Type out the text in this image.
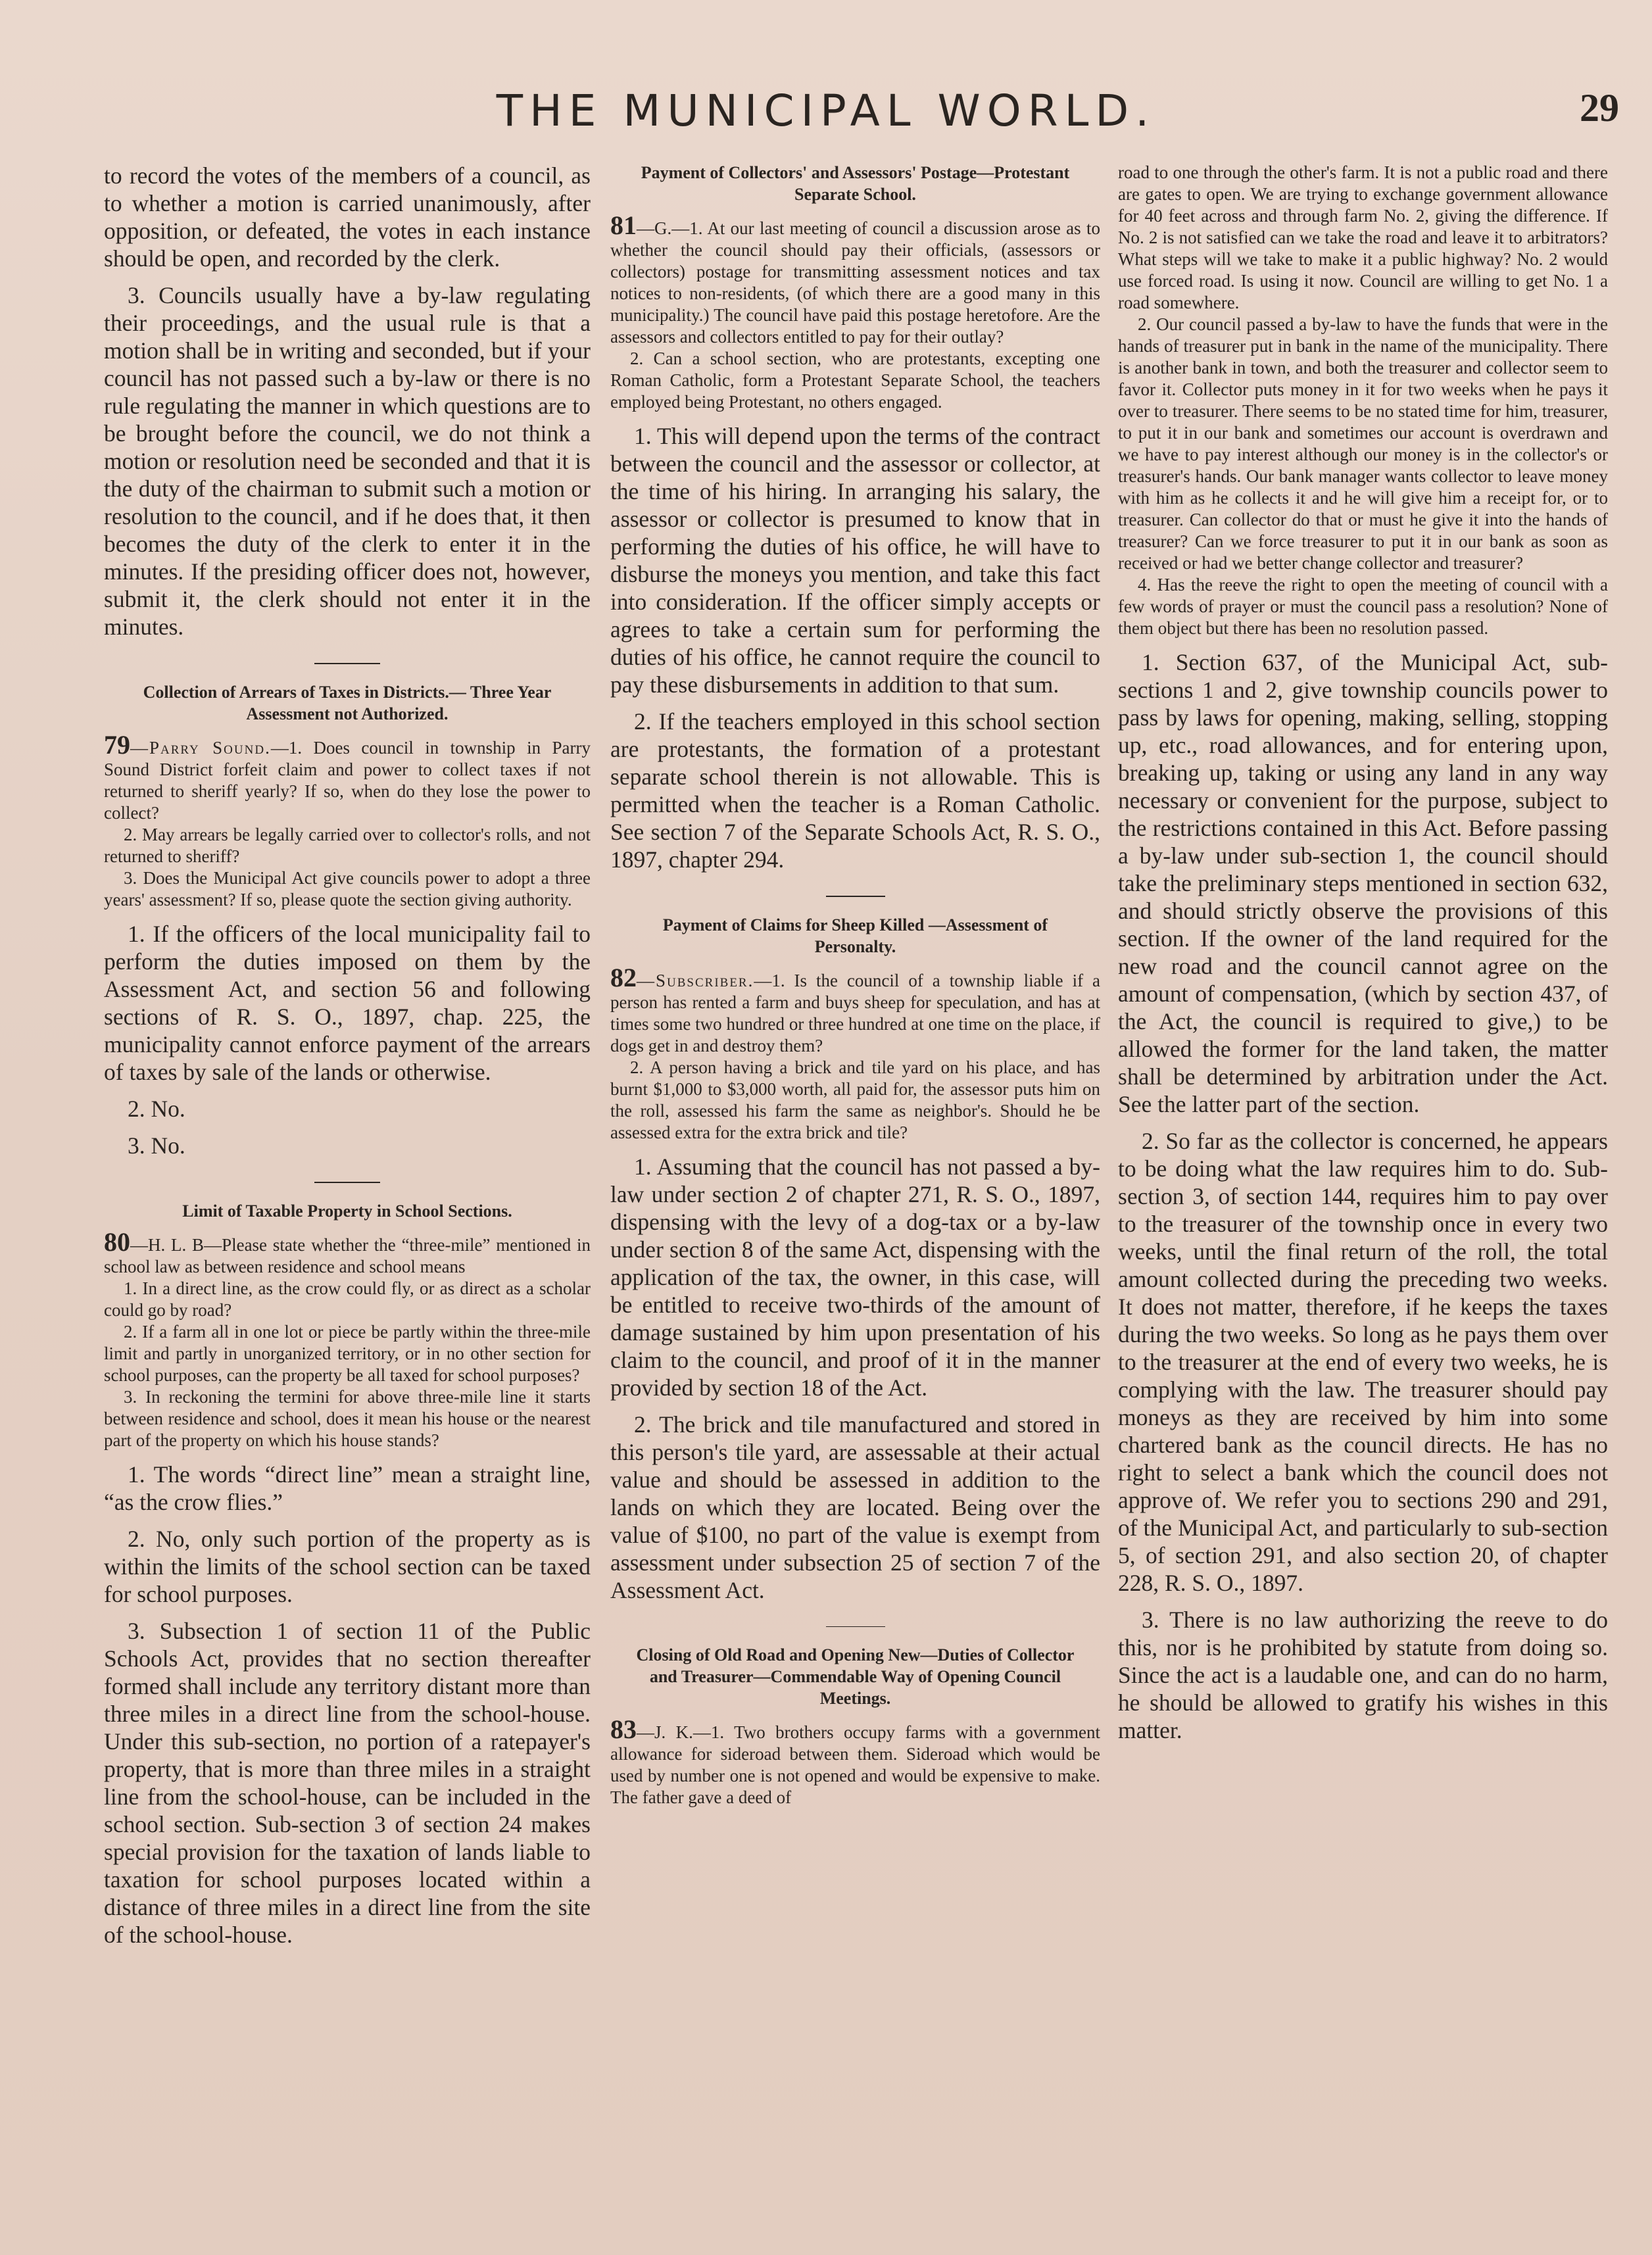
THE MUNICIPAL WORLD.	29

to record the votes of the members of a council, as to whether a motion is carried unanimously, after opposition, or defeated, the votes in each instance should be open, and recorded by the clerk.

3. Councils usually have a by-law regulating their proceedings, and the usual rule is that a motion shall be in writing and seconded, but if your council has not passed such a by-law or there is no rule regulating the manner in which questions are to be brought before the council, we do not think a motion or resolution need be seconded and that it is the duty of the chairman to submit such a motion or resolution to the council, and if he does that, it then becomes the duty of the clerk to enter it in the minutes. If the presiding officer does not, however, submit it, the clerk should not enter it in the minutes.

Collection of Arrears of Taxes in Districts.— Three Year Assessment not Authorized.

79—Parry Sound.—1. Does council in township in Parry Sound District forfeit claim and power to collect taxes if not returned to sheriff yearly? If so, when do they lose the power to collect?

2. May arrears be legally carried over to collector's rolls, and not returned to sheriff?

3. Does the Municipal Act give councils power to adopt a three years' assessment? If so, please quote the section giving authority.

1. If the officers of the local municipality fail to perform the duties imposed on them by the Assessment Act, and section 56 and following sections of R. S. O., 1897, chap. 225, the municipality cannot enforce payment of the arrears of taxes by sale of the lands or otherwise.

2. No.

3. No.

Limit of Taxable Property in School Sections.

80—H. L. B—Please state whether the “three-mile” mentioned in school law as between residence and school means

1. In a direct line, as the crow could fly, or as direct as a scholar could go by road?

2. If a farm all in one lot or piece be partly within the three-mile limit and partly in unorganized territory, or in no other section for school purposes, can the property be all taxed for school purposes?

3. In reckoning the termini for above three-mile line it starts between residence and school, does it mean his house or the nearest part of the property on which his house stands?

1. The words “direct line” mean a straight line, “as the crow flies.”

2. No, only such portion of the property as is within the limits of the school section can be taxed for school purposes.

3. Subsection 1 of section 11 of the Public Schools Act, provides that no section thereafter formed shall include any territory distant more than three miles in a direct line from the school-house. Under this sub-section, no portion of a ratepayer's property, that is more than three miles in a straight line from the school-house, can be included in the school section. Sub-section 3 of section 24 makes special provision for the taxation of lands liable to taxation for school purposes located within a distance of three miles in a direct line from the site of the school-house.

Payment of Collectors' and Assessors' Postage—Protestant Separate School.

81—G.—1. At our last meeting of council a discussion arose as to whether the council should pay their officials, (assessors or collectors) postage for transmitting assessment notices and tax notices to non-residents, (of which there are a good many in this municipality.) The council have paid this postage heretofore. Are the assessors and collectors entitled to pay for their outlay?

2. Can a school section, who are protestants, excepting one Roman Catholic, form a Protestant Separate School, the teachers employed being Protestant, no others engaged.

1. This will depend upon the terms of the contract between the council and the assessor or collector, at the time of his hiring. In arranging his salary, the assessor or collector is presumed to know that in performing the duties of his office, he will have to disburse the moneys you mention, and take this fact into consideration. If the officer simply accepts or agrees to take a certain sum for performing the duties of his office, he cannot require the council to pay these disbursements in addition to that sum.

2. If the teachers employed in this school section are protestants, the formation of a protestant separate school therein is not allowable. This is permitted when the teacher is a Roman Catholic. See section 7 of the Separate Schools Act, R. S. O., 1897, chapter 294.

Payment of Claims for Sheep Killed —Assessment of Personalty.

82—Subscriber.—1. Is the council of a township liable if a person has rented a farm and buys sheep for speculation, and has at times some two hundred or three hundred at one time on the place, if dogs get in and destroy them?

2. A person having a brick and tile yard on his place, and has burnt $1,000 to $3,000 worth, all paid for, the assessor puts him on the roll, assessed his farm the same as neighbor's. Should he be assessed extra for the extra brick and tile?

1. Assuming that the council has not passed a by-law under section 2 of chapter 271, R. S. O., 1897, dispensing with the levy of a dog-tax or a by-law under section 8 of the same Act, dispensing with the application of the tax, the owner, in this case, will be entitled to receive two-thirds of the amount of damage sustained by him upon presentation of his claim to the council, and proof of it in the manner provided by section 18 of the Act.

2. The brick and tile manufactured and stored in this person's tile yard, are assessable at their actual value and should be assessed in addition to the lands on which they are located. Being over the value of $100, no part of the value is exempt from assessment under subsection 25 of section 7 of the Assessment Act.

Closing of Old Road and Opening New—Duties of Collector and Treasurer—Commendable Way of Opening Council Meetings.

83—J. K.—1. Two brothers occupy farms with a government allowance for sideroad between them. Sideroad which would be used by number one is not opened and would be expensive to make. The father gave a deed of

road to one through the other's farm. It is not a public road and there are gates to open. We are trying to exchange government allowance for 40 feet across and through farm No. 2, giving the difference. If No. 2 is not satisfied can we take the road and leave it to arbitrators? What steps will we take to make it a public highway? No. 2 would use forced road. Is using it now. Council are willing to get No. 1 a road somewhere.

2. Our council passed a by-law to have the funds that were in the hands of treasurer put in bank in the name of the municipality. There is another bank in town, and both the treasurer and collector seem to favor it. Collector puts money in it for two weeks when he pays it over to treasurer. There seems to be no stated time for him, treasurer, to put it in our bank and sometimes our account is overdrawn and we have to pay interest although our money is in the collector's or treasurer's hands. Our bank manager wants collector to leave money with him as he collects it and he will give him a receipt for, or to treasurer. Can collector do that or must he give it into the hands of treasurer? Can we force treasurer to put it in our bank as soon as received or had we better change collector and treasurer?

4. Has the reeve the right to open the meeting of council with a few words of prayer or must the council pass a resolution? None of them object but there has been no resolution passed.

1. Section 637, of the Municipal Act, sub-sections 1 and 2, give township councils power to pass by laws for opening, making, selling, stopping up, etc., road allowances, and for entering upon, breaking up, taking or using any land in any way necessary or convenient for the purpose, subject to the restrictions contained in this Act. Before passing a by-law under sub-section 1, the council should take the preliminary steps mentioned in section 632, and should strictly observe the provisions of this section. If the owner of the land required for the new road and the council cannot agree on the amount of compensation, (which by section 437, of the Act, the council is required to give,) to be allowed the former for the land taken, the matter shall be determined by arbitration under the Act. See the latter part of the section.

2. So far as the collector is concerned, he appears to be doing what the law requires him to do. Sub-section 3, of section 144, requires him to pay over to the treasurer of the township once in every two weeks, until the final return of the roll, the total amount collected during the preceding two weeks. It does not matter, therefore, if he keeps the taxes during the two weeks. So long as he pays them over to the treasurer at the end of every two weeks, he is complying with the law. The treasurer should pay moneys as they are received by him into some chartered bank as the council directs. He has no right to select a bank which the council does not approve of. We refer you to sections 290 and 291, of the Municipal Act, and particularly to sub-section 5, of section 291, and also section 20, of chapter 228, R. S. O., 1897.

3. There is no law authorizing the reeve to do this, nor is he prohibited by statute from doing so. Since the act is a laudable one, and can do no harm, he should be allowed to gratify his wishes in this matter.
